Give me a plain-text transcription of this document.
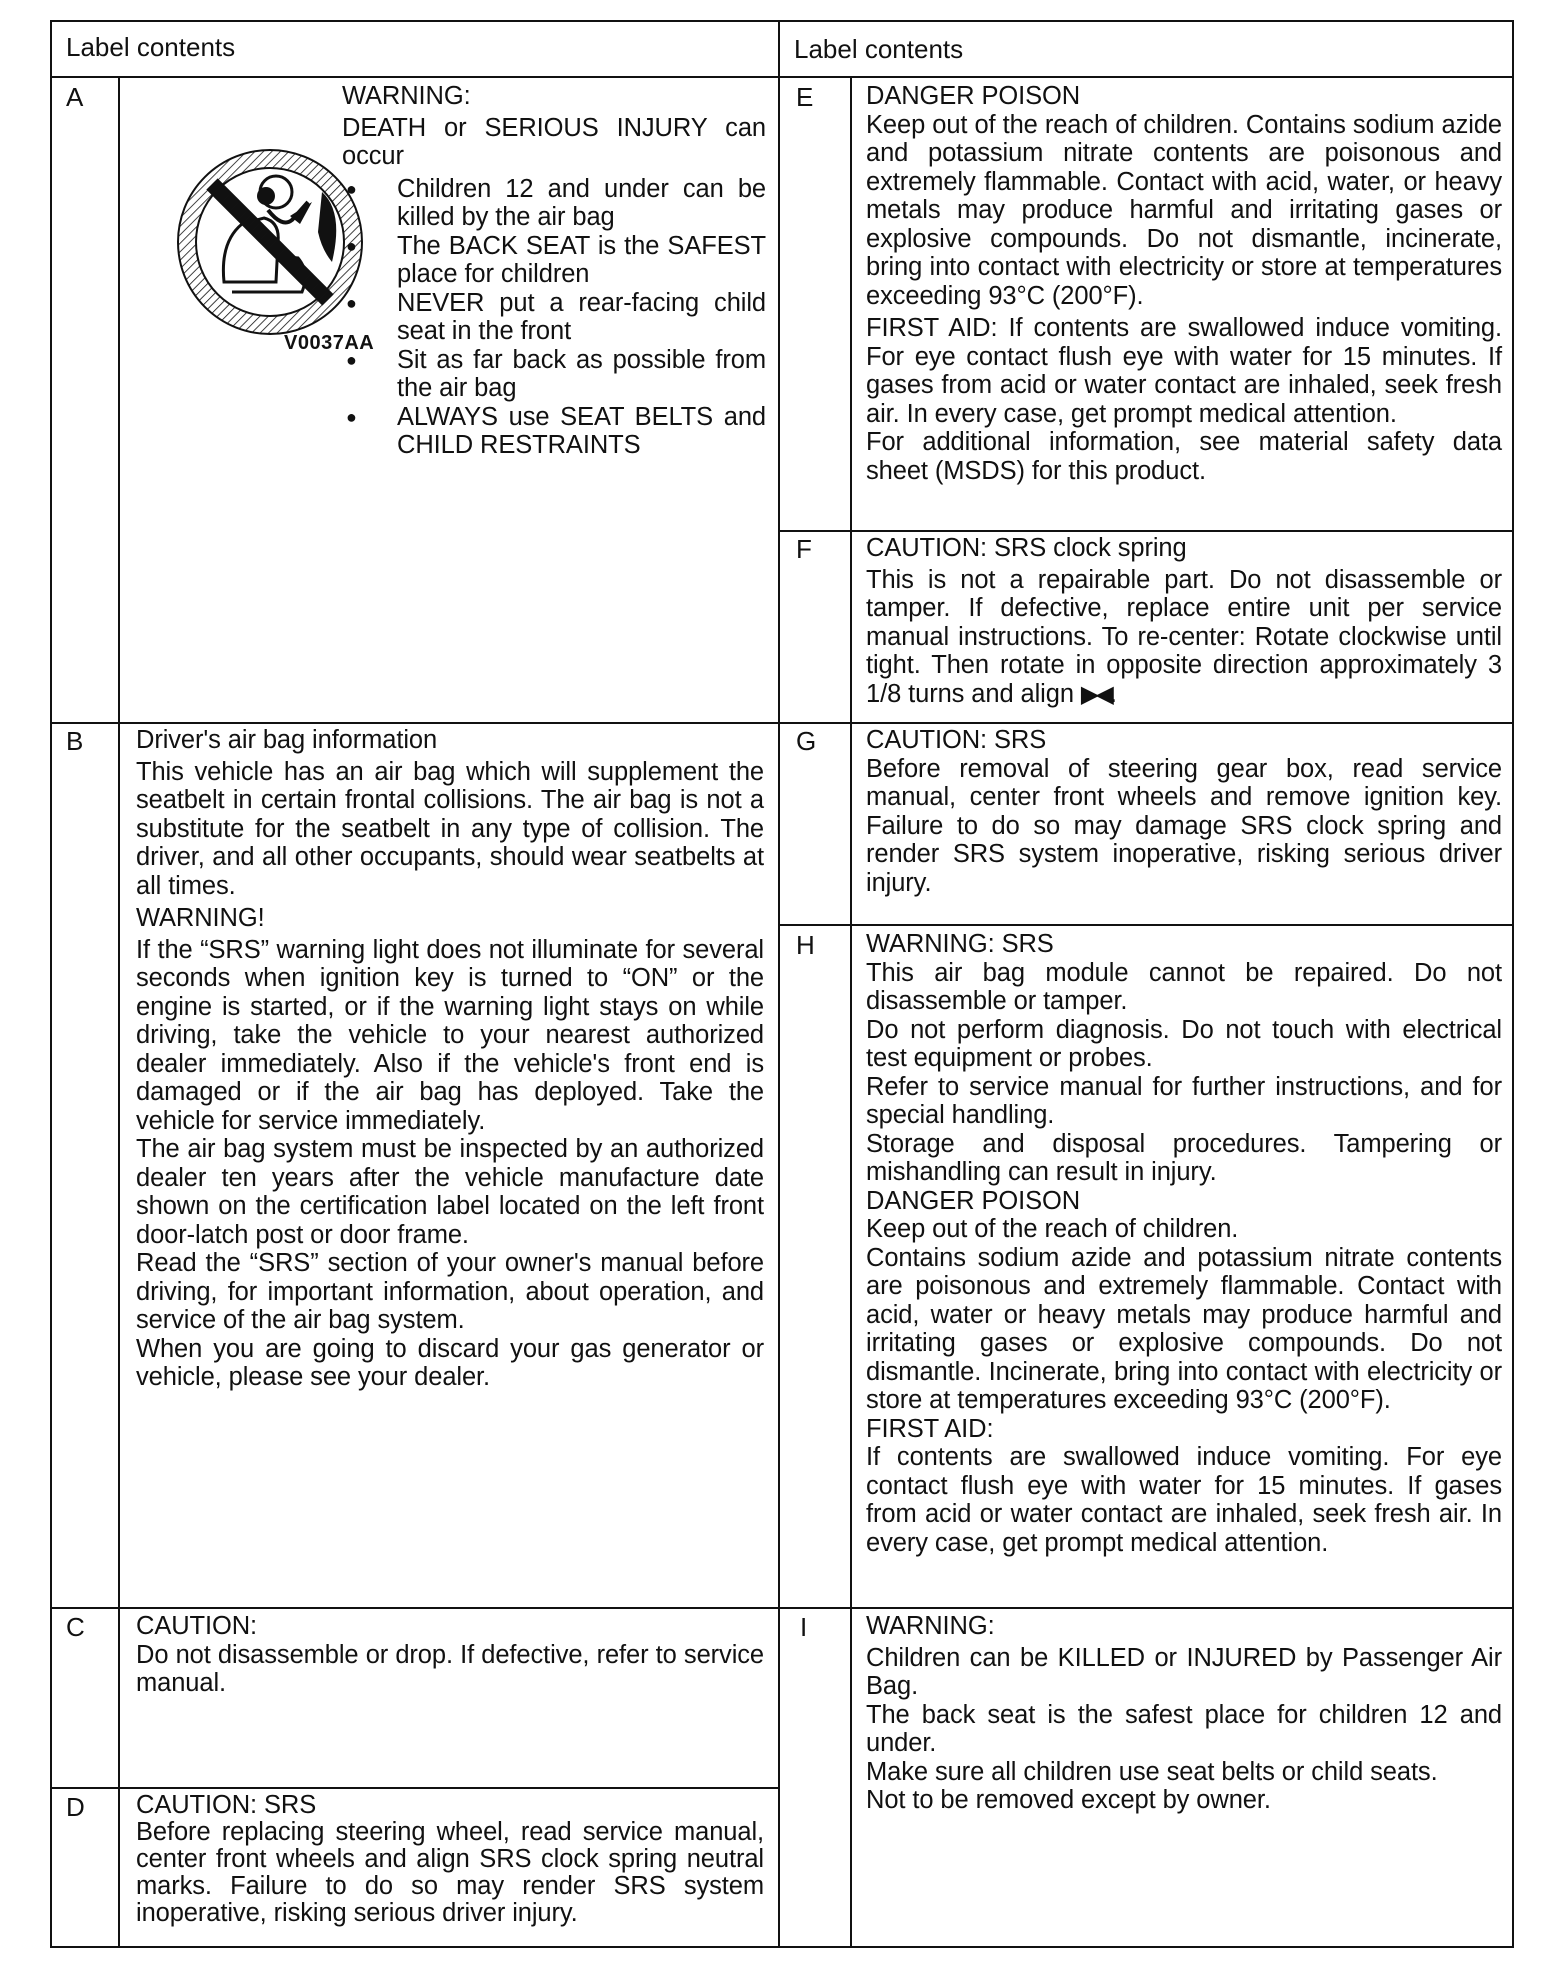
Label contents	Label contents
A
V0037AA
WARNING:

DEATH or SERIOUS INJURY can occur

● Children 12 and under can be killed by the air bag
● The BACK SEAT is the SAFEST place for children
● NEVER put a rear-facing child seat in the front
● Sit as far back as possible from the air bag
● ALWAYS use SEAT BELTS and CHILD RESTRAINTS
B Driver's air bag information

This vehicle has an air bag which will supplement the seatbelt in certain frontal collisions. The air bag is not a substitute for the seatbelt in any type of collision. The driver, and all other occupants, should wear seatbelts at all times.

WARNING!

If the “SRS” warning light does not illuminate for several seconds when ignition key is turned to “ON” or the engine is started, or if the warning light stays on while driving, take the vehicle to your nearest authorized dealer immediately. Also if the vehicle's front end is damaged or if the air bag has deployed. Take the vehicle for service immediately.

The air bag system must be inspected by an authorized dealer ten years after the vehicle manufacture date shown on the certification label located on the left front door-latch post or door frame.

Read the “SRS” section of your owner's manual before driving, for important information, about operation, and service of the air bag system.

When you are going to discard your gas generator or vehicle, please see your dealer.

C CAUTION:

Do not disassemble or drop. If defective, refer to service manual.

D CAUTION: SRS

Before replacing steering wheel, read service manual, center front wheels and align SRS clock spring neutral marks. Failure to do so may render SRS system inoperative, risking serious driver injury.

E DANGER POISON

Keep out of the reach of children. Contains sodium azide and potassium nitrate contents are poisonous and extremely flammable. Contact with acid, water, or heavy metals may produce harmful and irritating gases or explosive compounds. Do not dismantle, incinerate, bring into contact with electricity or store at temperatures exceeding 93°C (200°F).

FIRST AID: If contents are swallowed induce vomiting. For eye contact flush eye with water for 15 minutes. If gases from acid or water contact are inhaled, seek fresh air. In every case, get prompt medical attention.

For additional information, see material safety data sheet (MSDS) for this product.

F CAUTION: SRS clock spring

This is not a repairable part. Do not disassemble or tamper. If defective, replace entire unit per service manual instructions. To re-center: Rotate clockwise until tight. Then rotate in opposite direction approximately 3 1/8 turns and align ▶◀.

G CAUTION: SRS

Before removal of steering gear box, read service manual, center front wheels and remove ignition key. Failure to do so may damage SRS clock spring and render SRS system inoperative, risking serious driver injury.

H WARNING: SRS

This air bag module cannot be repaired. Do not disassemble or tamper.

Do not perform diagnosis. Do not touch with electrical test equipment or probes.

Refer to service manual for further instructions, and for special handling.

Storage and disposal procedures. Tampering or mishandling can result in injury.

DANGER POISON

Keep out of the reach of children.

Contains sodium azide and potassium nitrate contents are poisonous and extremely flammable. Contact with acid, water or heavy metals may produce harmful and irritating gases or explosive compounds. Do not dismantle. Incinerate, bring into contact with electricity or store at temperatures exceeding 93°C (200°F).

FIRST AID:

If contents are swallowed induce vomiting. For eye contact flush eye with water for 15 minutes. If gases from acid or water contact are inhaled, seek fresh air. In every case, get prompt medical attention.

I WARNING:

Children can be KILLED or INJURED by Passenger Air Bag.

The back seat is the safest place for children 12 and under.

Make sure all children use seat belts or child seats.

Not to be removed except by owner.
